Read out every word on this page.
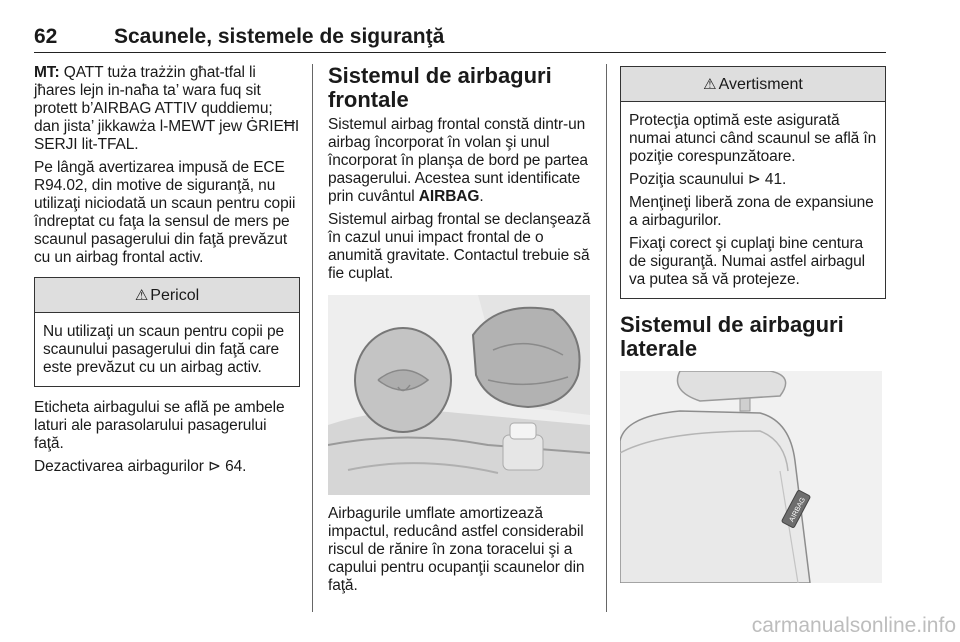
62	Scaunele, sistemele de siguranţă

MT: QATT tuża trażżin għat-tfal li jħares lejn in-naħa ta’ wara fuq sit protett b’AIRBAG ATTIV quddiemu; dan jista’ jikkawża l-MEWT jew ĠRIEĦI SERJI lit-TFAL.

Pe lângă avertizarea impusă de ECE R94.02, din motive de siguranţă, nu utilizaţi niciodată un scaun pentru copii îndreptat cu faţa la sensul de mers pe scaunul pasagerului din faţă prevăzut cu un airbag frontal activ.

⚠ Pericol

Nu utilizaţi un scaun pentru copii pe scaunului pasagerului din faţă care este prevăzut cu un airbag activ.

Eticheta airbagului se află pe ambele laturi ale parasolarului pasagerului faţă.

Dezactivarea airbagurilor ⊳ 64.

Sistemul de airbaguri frontale

Sistemul airbag frontal constă dintr-un airbag încorporat în volan şi unul încorporat în planşa de bord pe partea pasagerului. Acestea sunt identificate prin cuvântul AIRBAG.

Sistemul airbag frontal se declanşează în cazul unui impact frontal de o anumită gravitate. Contactul trebuie să fie cuplat.

Airbagurile umflate amortizează impactul, reducând astfel considerabil riscul de rănire în zona toracelui şi a capului pentru ocupanţii scaunelor din faţă.

⚠ Avertisment

Protecţia optimă este asigurată numai atunci când scaunul se află în poziţie corespunzătoare.

Poziţia scaunului ⊳ 41.

Menţineţi liberă zona de expansiune a airbagurilor.

Fixaţi corect şi cuplaţi bine centura de siguranţă. Numai astfel airbagul va putea să vă protejeze.

Sistemul de airbaguri laterale
AIRBAG
carmanualsonline.info
